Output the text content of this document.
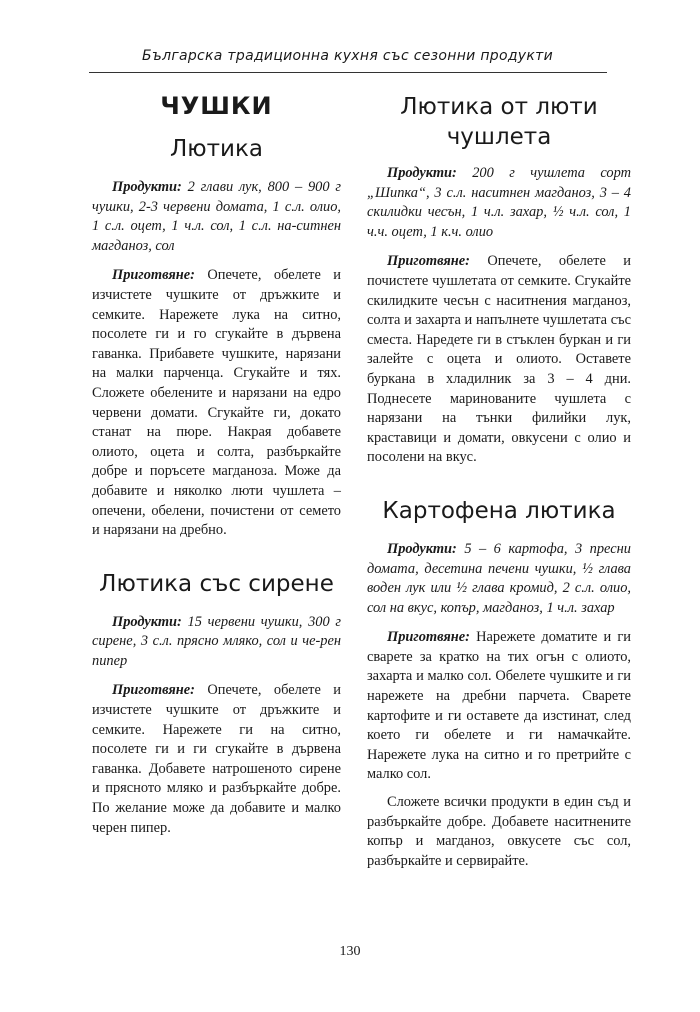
Българска традиционна кухня със сезонни продукти
ЧУШКИ
Лютика

Продукти: 2 глави лук, 800 – 900 г чушки, 2-3 червени домата, 1 с.л. олио, 1 с.л. оцет, 1 ч.л. сол, 1 с.л. на-ситнен магданоз, сол

Приготвяне: Опечете, обелете и изчистете чушките от дръжките и семките. Нарежете лука на ситно, посолете ги и го сгукайте в дървена гаванка. Прибавете чушките, нарязани на малки парченца. Сгукайте и тях. Сложете обелените и нарязани на едро червени домати. Сгукайте ги, докато станат на пюре. Накрая добавете олиото, оцета и солта, разбъркайте добре и поръсете магданоза. Може да добавите и няколко люти чушлета – опечени, обелени, почистени от семето и нарязани на дребно.

Лютика със сирене

Продукти: 15 червени чушки, 300 г сирене, 3 с.л. прясно мляко, сол и че-рен пипер

Приготвяне: Опечете, обелете и изчистете чушките от дръжките и семките. Нарежете ги на ситно, посолете ги и ги сгукайте в дървена гаванка. Добавете натрошеното сирене и прясното мляко и разбъркайте добре. По желание може да добавите и малко черен пипер.

Лютика от люти чушлета

Продукти: 200 г чушлета сорт „Шипка“, 3 с.л. наситнен магданоз, 3 – 4 скилидки чесън, 1 ч.л. захар, ½ ч.л. сол, 1 ч.ч. оцет, 1 к.ч. олио

Приготвяне: Опечете, обелете и почистете чушлетата от семките. Сгукайте скилидките чесън с наситнения магданоз, солта и захарта и напълнете чушлетата със сместа. Наредете ги в стъклен буркан и ги залейте с оцета и олиото. Оставете буркана в хладилник за 3 – 4 дни. Поднесете маринованите чушлета с нарязани на тънки филийки лук, краставици и домати, овкусени с олио и посолени на вкус.

Картофена лютика

Продукти: 5 – 6 картофа, 3 пресни домата, десетина печени чушки, ½ глава воден лук или ½ глава кромид, 2 с.л. олио, сол на вкус, копър, магданоз, 1 ч.л. захар

Приготвяне: Нарежете доматите и ги сварете за кратко на тих огън с олиото, захарта и малко сол. Обелете чушките и ги нарежете на дребни парчета. Сварете картофите и ги оставете да изстинат, след което ги обелете и ги намачкайте. Нарежете лука на ситно и го претрийте с малко сол.

Сложете всички продукти в един съд и разбъркайте добре. Добавете наситнените копър и магданоз, овкусете със сол, разбъркайте и сервирайте.

130
